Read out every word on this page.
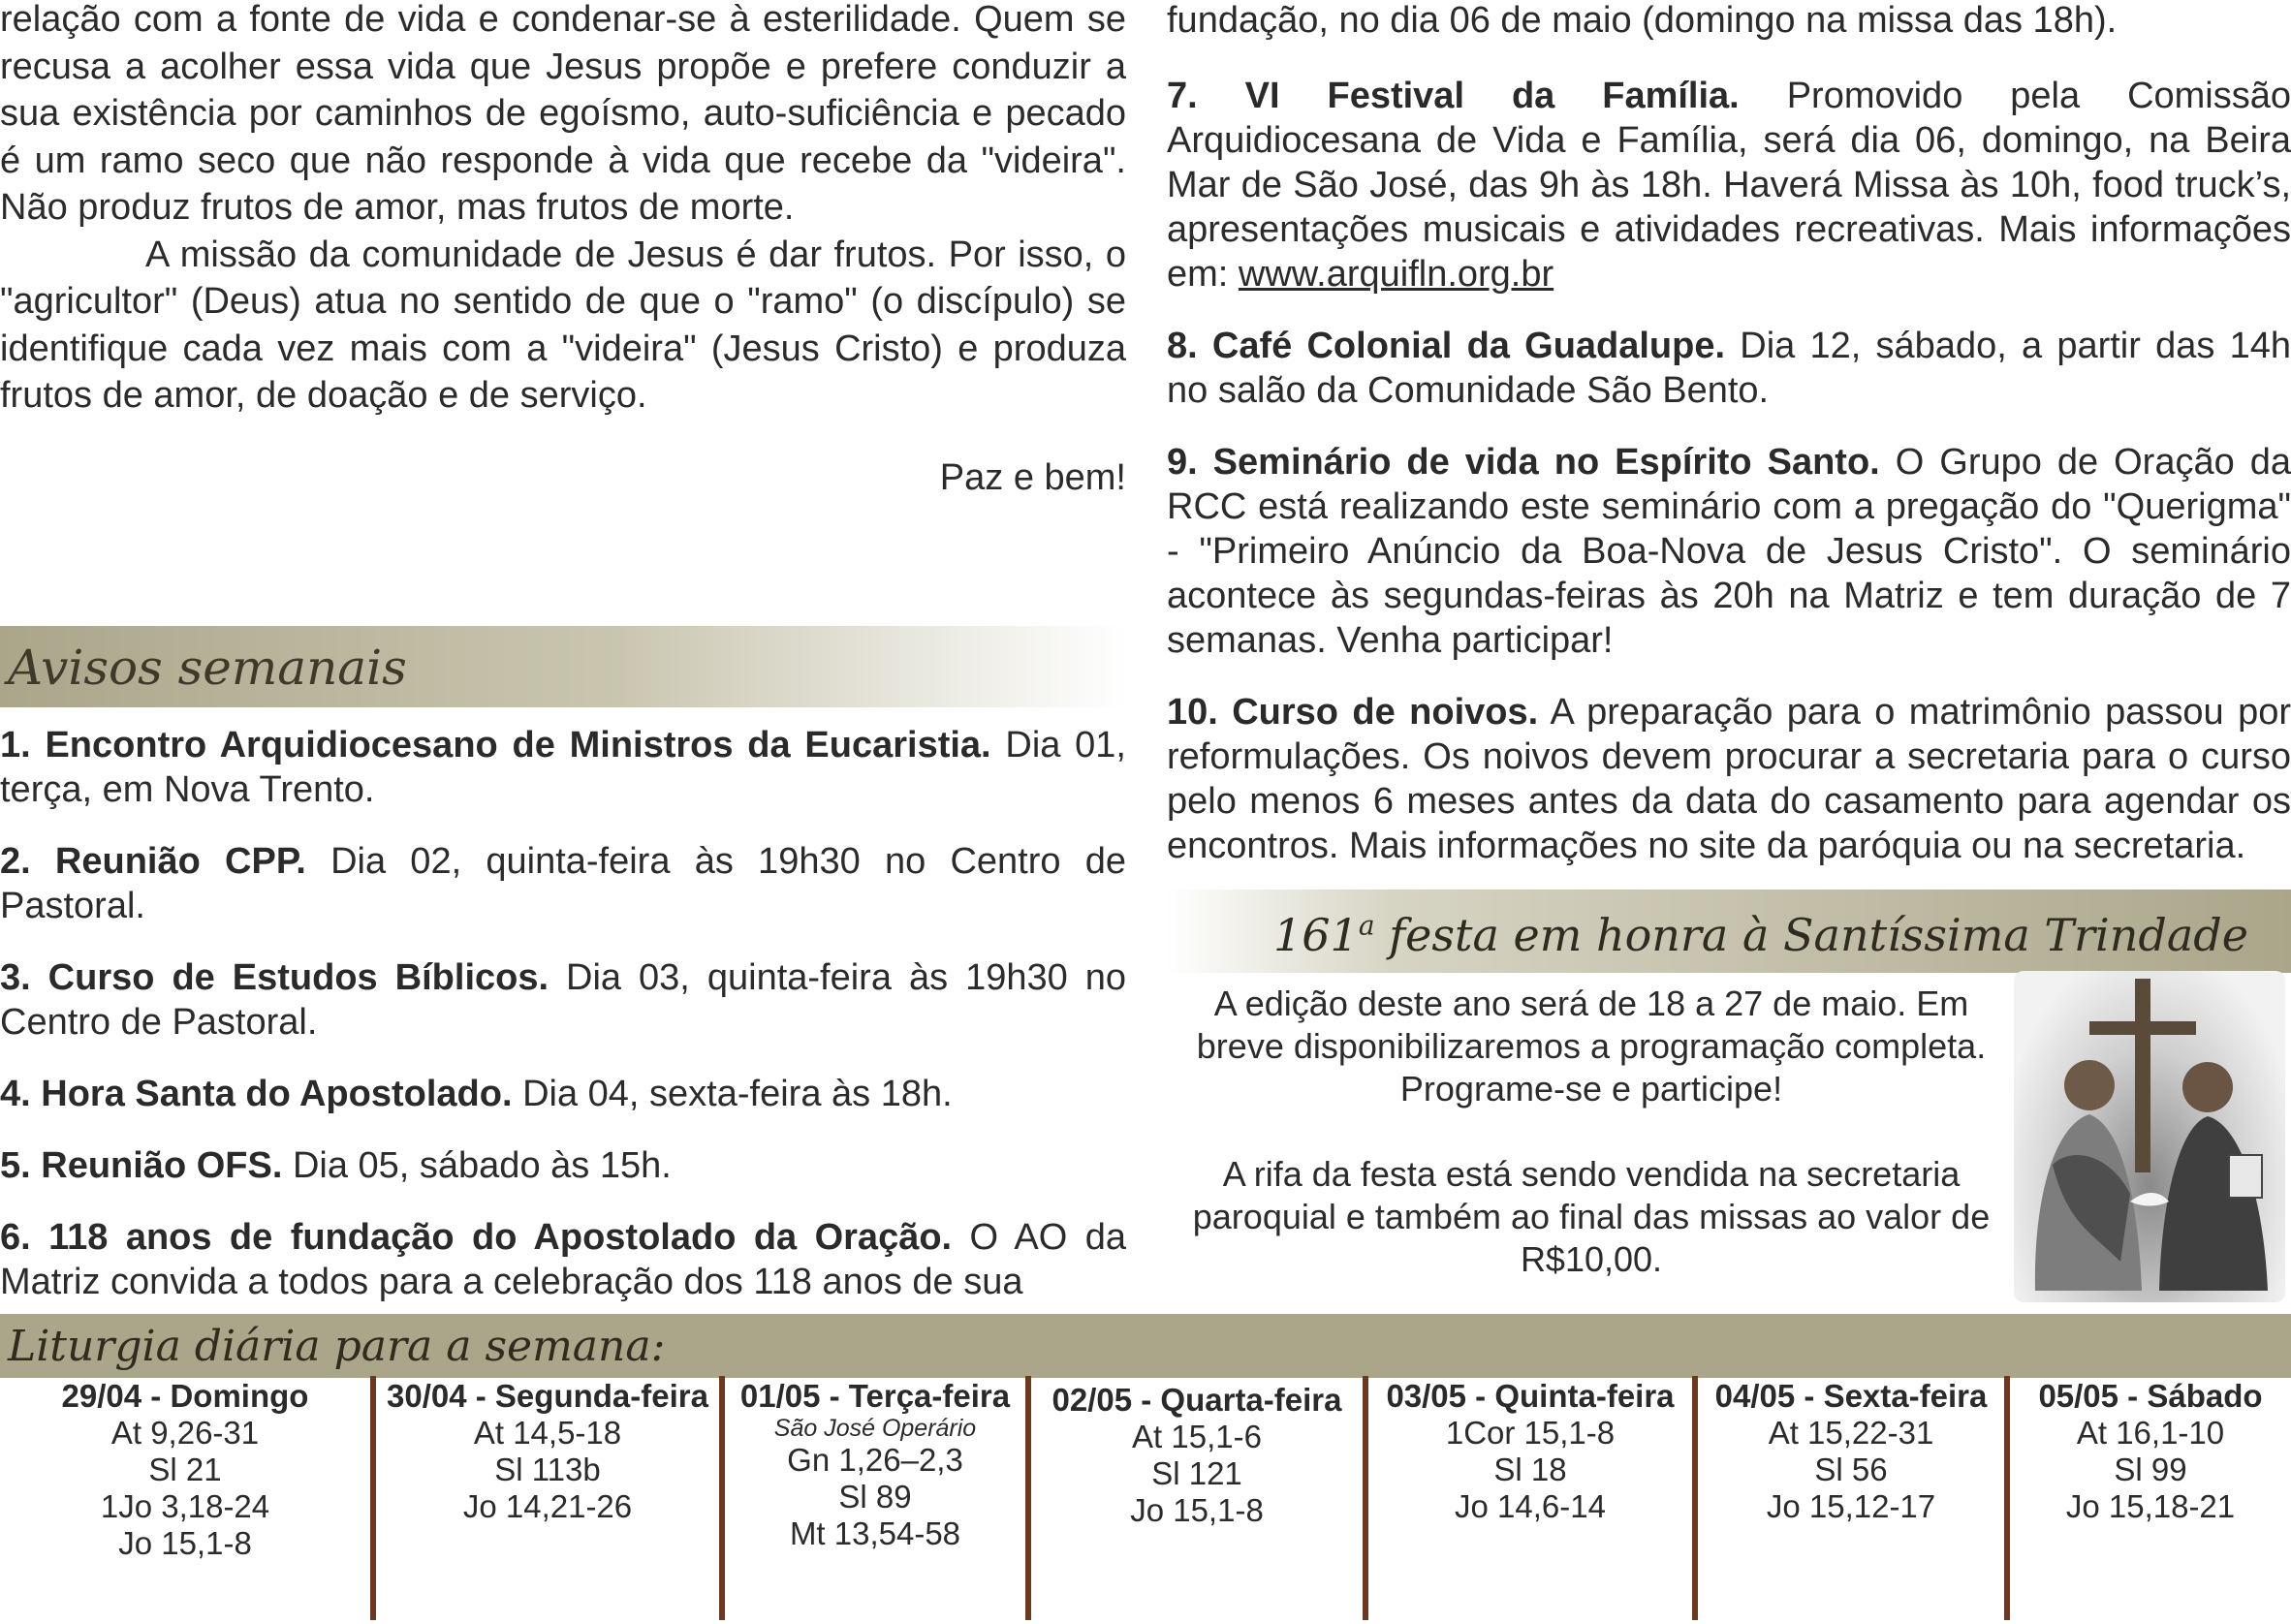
relação com a fonte de vida e condenar-se à esterilidade. Quem se recusa a acolher essa vida que Jesus propõe e prefere conduzir a sua existência por caminhos de egoísmo, auto-suficiência e pecado é um ramo seco que não responde à vida que recebe da "videira". Não produz frutos de amor, mas frutos de morte.

A missão da comunidade de Jesus é dar frutos. Por isso, o "agricultor" (Deus) atua no sentido de que o "ramo" (o discípulo) se identifique cada vez mais com a "videira" (Jesus Cristo) e produza frutos de amor, de doação e de serviço.

Paz e bem!
Avisos semanais

1. Encontro Arquidiocesano de Ministros da Eucaristia. Dia 01, terça, em Nova Trento.

2. Reunião CPP. Dia 02, quinta-feira às 19h30 no Centro de Pastoral.

3. Curso de Estudos Bíblicos. Dia 03, quinta-feira às 19h30 no Centro de Pastoral.

4. Hora Santa do Apostolado. Dia 04, sexta-feira às 18h.

5. Reunião OFS. Dia 05, sábado às 15h.

6. 118 anos de fundação do Apostolado da Oração. O AO da Matriz convida a todos para a celebração dos 118 anos de sua

fundação, no dia 06 de maio (domingo na missa das 18h).

7. VI Festival da Família. Promovido pela Comissão Arquidiocesana de Vida e Família, será dia 06, domingo, na Beira Mar de São José, das 9h às 18h. Haverá Missa às 10h, food truck’s, apresentações musicais e atividades recreativas. Mais informações em: www.arquifln.org.br

8. Café Colonial da Guadalupe. Dia 12, sábado, a partir das 14h no salão da Comunidade São Bento.

9. Seminário de vida no Espírito Santo. O Grupo de Oração da RCC está realizando este seminário com a pregação do "Querigma" - "Primeiro Anúncio da Boa-Nova de Jesus Cristo". O seminário acontece às segundas-feiras às 20h na Matriz e tem duração de 7 semanas. Venha participar!

10. Curso de noivos. A preparação para o matrimônio passou por reformulações. Os noivos devem procurar a secretaria para o curso pelo menos 6 meses antes da data do casamento para agendar os encontros. Mais informações no site da paróquia ou na secretaria.

161$^a$ festa em honra à Santíssima Trindade

A edição deste ano será de 18 a 27 de maio. Em breve disponibilizaremos a programação completa. Programe-se e participe!

A rifa da festa está sendo vendida na secretaria paroquial e também ao final das missas ao valor de R$10,00.

Liturgia diária para a semana:
29/04 - Domingo
At 9,26-31
Sl 21
1Jo 3,18-24
Jo 15,1-8
30/04 - Segunda-feira
At 14,5-18
Sl 113b
Jo 14,21-26
01/05 - Terça-feira
São José Operário
Gn 1,26–2,3
Sl 89
Mt 13,54-58
02/05 - Quarta-feira
At 15,1-6
Sl 121
Jo 15,1-8
03/05 - Quinta-feira
1Cor 15,1-8
Sl 18
Jo 14,6-14
04/05 - Sexta-feira
At 15,22-31
Sl 56
Jo 15,12-17
05/05 - Sábado
At 16,1-10
Sl 99
Jo 15,18-21
